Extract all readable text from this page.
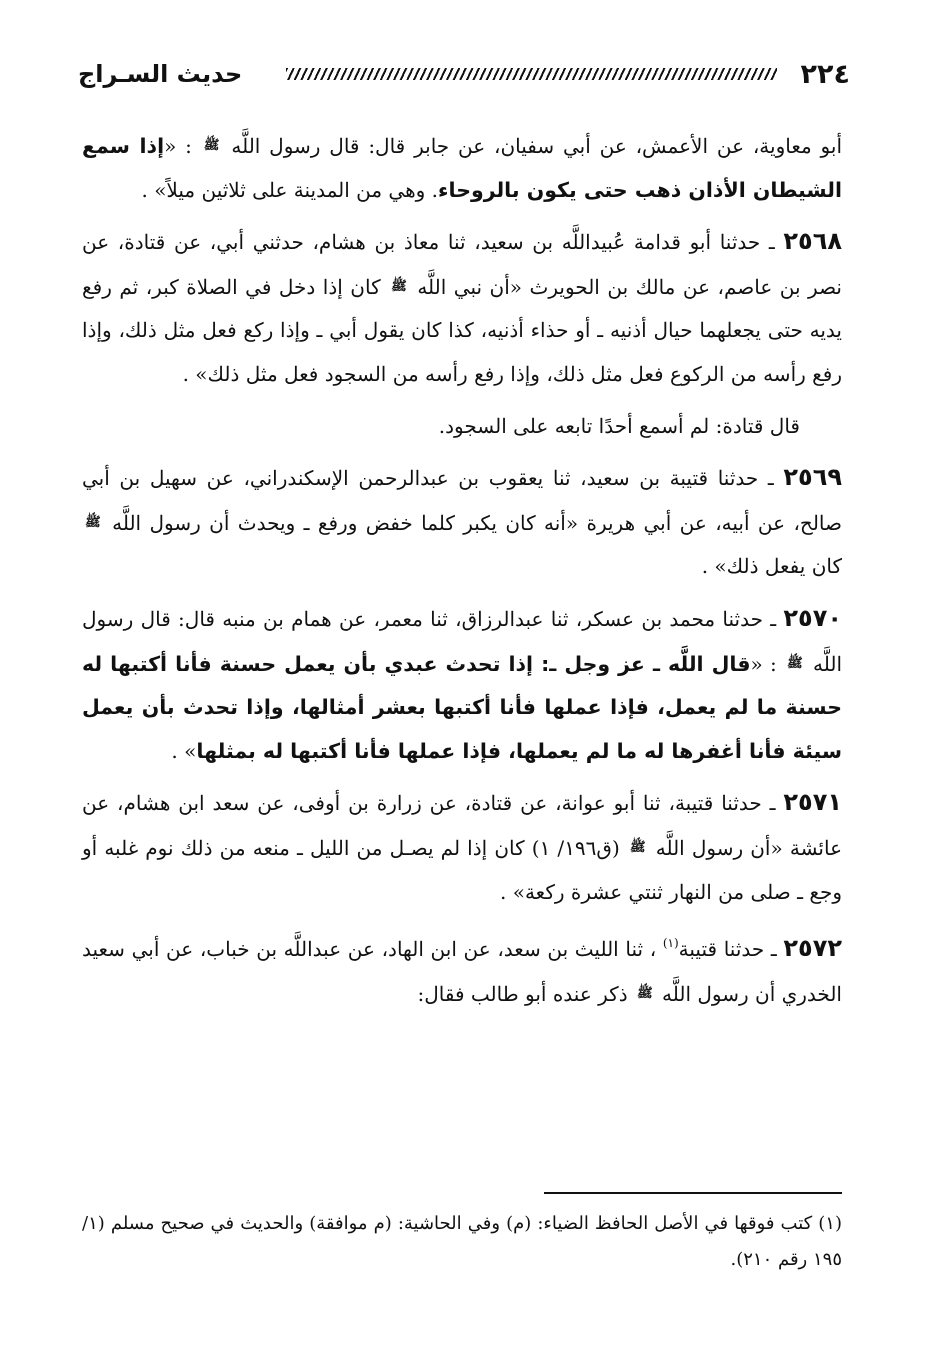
٢٢٤
حديث السـراج

أبو معاوية، عن الأعمش، عن أبي سفيان، عن جابر قال: قال رسول اللَّه $^ﷺ$ : «إذا سمع الشيطان الأذان ذهب حتى يكون بالروحاء. وهي من المدينة على ثلاثين ميلاً» .

٢٥٦٨ ـ حدثنا أبو قدامة عُبيداللَّه بن سعيد، ثنا معاذ بن هشام، حدثني أبي، عن قتادة، عن نصر بن عاصم، عن مالك بن الحويرث «أن نبي اللَّه $^ﷺ$ كان إذا دخل في الصلاة كبر، ثم رفع يديه حتى يجعلهما حيال أذنيه ـ أو حذاء أذنيه، كذا كان يقول أبي ـ وإذا ركع فعل مثل ذلك، وإذا رفع رأسه من الركوع فعل مثل ذلك، وإذا رفع رأسه من السجود فعل مثل ذلك» .

قال قتادة: لم أسمع أحدًا تابعه على السجود.

٢٥٦٩ ـ حدثنا قتيبة بن سعيد، ثنا يعقوب بن عبدالرحمن الإسكندراني، عن سهيل بن أبي صالح، عن أبيه، عن أبي هريرة «أنه كان يكبر كلما خفض ورفع ـ ويحدث أن رسول اللَّه $^ﷺ$ كان يفعل ذلك» .

٢٥٧٠ ـ حدثنا محمد بن عسكر، ثنا عبدالرزاق، ثنا معمر، عن همام بن منبه قال: قال رسول اللَّه $^ﷺ$ : «قال اللَّه ـ عز وجل ـ: إذا تحدث عبدي بأن يعمل حسنة فأنا أكتبها له حسنة ما لم يعمل، فإذا عملها فأنا أكتبها بعشر أمثالها، وإذا تحدث بأن يعمل سيئة فأنا أغفرها له ما لم يعملها، فإذا عملها فأنا أكتبها له بمثلها» .

٢٥٧١ ـ حدثنا قتيبة، ثنا أبو عوانة، عن قتادة، عن زرارة بن أوفى، عن سعد ابن هشام، عن عائشة «أن رسول اللَّه $^ﷺ$ (ق١٩٦/ ١) كان إذا لم يصـل من الليل ـ منعه من ذلك نوم غلبه أو وجع ـ صلى من النهار ثنتي عشرة ركعة» .

٢٥٧٢ ـ حدثنا قتيبة$^{(١)}$ ، ثنا الليث بن سعد، عن ابن الهاد، عن عبداللَّه بن خباب، عن أبي سعيد الخدري أن رسول اللَّه $^ﷺ$ ذكر عنده أبو طالب فقال:

(١) كتب فوقها في الأصل الحافظ الضياء: (م) وفي الحاشية: (م موافقة) والحديث في صحيح مسلم (١/ ١٩٥ رقم ٢١٠).
